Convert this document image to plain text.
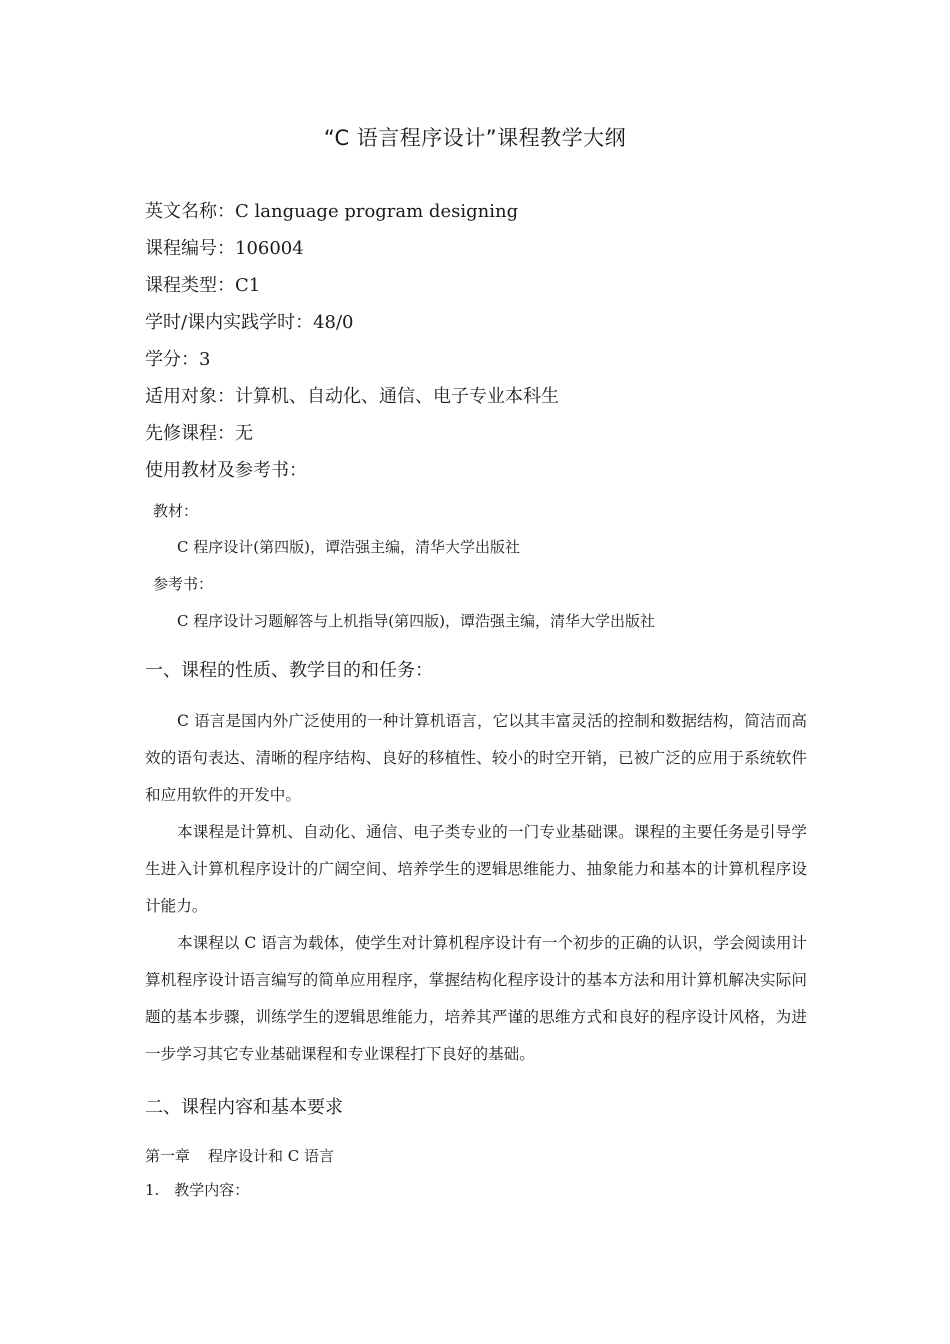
“C 语言程序设计”课程教学大纲
英文名称：C language program designing
课程编号：106004
课程类型：C1
学时/课内实践学时：48/0
学分：3
适用对象：计算机、自动化、通信、电子专业本科生
先修课程：无
使用教材及参考书：
教材：
C 程序设计(第四版)，谭浩强主编，清华大学出版社
参考书：
C 程序设计习题解答与上机指导(第四版)，谭浩强主编，清华大学出版社
一、课程的性质、教学目的和任务：

C 语言是国内外广泛使用的一种计算机语言，它以其丰富灵活的控制和数据结构，简洁而高效的语句表达、清晰的程序结构、良好的移植性、较小的时空开销，已被广泛的应用于系统软件和应用软件的开发中。

本课程是计算机、自动化、通信、电子类专业的一门专业基础课。课程的主要任务是引导学生进入计算机程序设计的广阔空间、培养学生的逻辑思维能力、抽象能力和基本的计算机程序设计能力。

本课程以 C 语言为载体，使学生对计算机程序设计有一个初步的正确的认识，学会阅读用计算机程序设计语言编写的简单应用程序，掌握结构化程序设计的基本方法和用计算机解决实际问题的基本步骤，训练学生的逻辑思维能力，培养其严谨的思维方式和良好的程序设计风格，为进一步学习其它专业基础课程和专业课程打下良好的基础。

二、课程内容和基本要求
第一章 程序设计和 C 语言
1.　教学内容：
